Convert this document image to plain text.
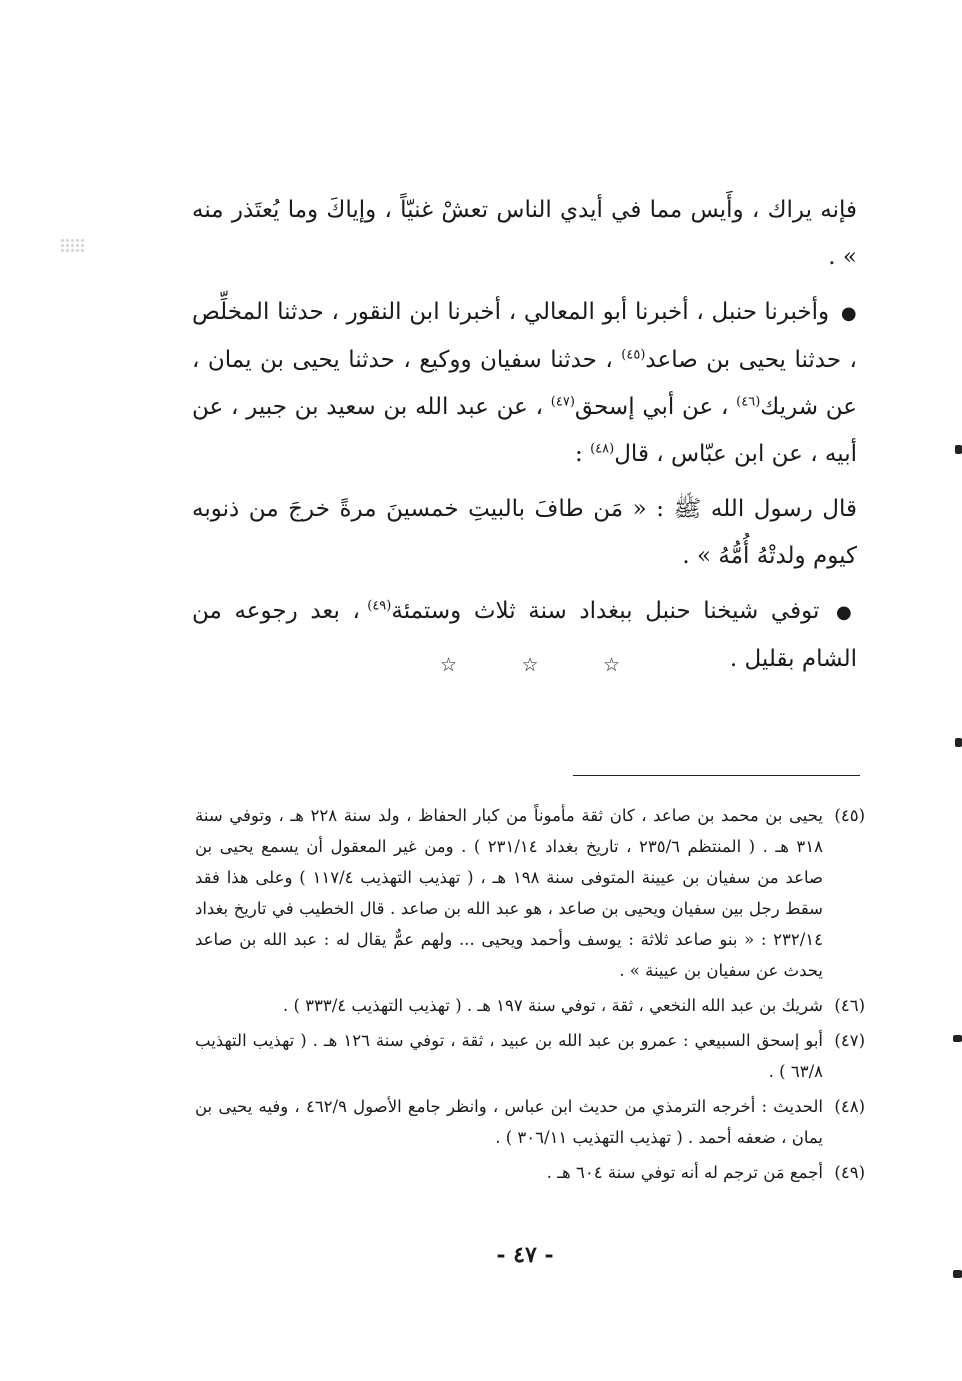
فإنه يراك ، وأَيس مما في أيدي الناس تعشْ غنيّاً ، وإياكَ وما يُعتَذر منه » .

● وأخبرنا حنبل ، أخبرنا أبو المعالي ، أخبرنا ابن النقور ، حدثنا المخلِّص ، حدثنا يحيى بن صاعد$^{(٤٥)}$ ، حدثنا سفيان ووكيع ، حدثنا يحيى بن يمان ، عن شريك$^{(٤٦)}$ ، عن أبي إسحق$^{(٤٧)}$ ، عن عبد الله بن سعيد بن جبير ، عن أبيه ، عن ابن عبّاس ، قال$^{(٤٨)}$ :

قال رسول الله ﷺ : « مَن طافَ بالبيتِ خمسينَ مرةً خرجَ من ذنوبه كيوم ولدتْهُ أُمُّهُ » .

● توفي شيخنا حنبل ببغداد سنة ثلاث وستمئة$^{(٤٩)}$ ، بعد رجوعه من الشام بقليل .

☆	☆	☆
(٤٥)
يحيى بن محمد بن صاعد ، كان ثقة مأموناً من كبار الحفاظ ، ولد سنة ٢٢٨ هـ ، وتوفي سنة ٣١٨ هـ . ( المنتظم ٢٣٥/٦ ، تاريخ بغداد ٢٣١/١٤ ) . ومن غير المعقول أن يسمع يحيى بن صاعد من سفيان بن عيينة المتوفى سنة ١٩٨ هـ ، ( تهذيب التهذيب ١١٧/٤ ) وعلى هذا فقد سقط رجل بين سفيان ويحيى بن صاعد ، هو عبد الله بن صاعد . قال الخطيب في تاريخ بغداد ٢٣٢/١٤ : « بنو صاعد ثلاثة : يوسف وأحمد ويحيى ... ولهم عمٌّ يقال له : عبد الله بن صاعد يحدث عن سفيان بن عيينة » .
(٤٦)
شريك بن عبد الله النخعي ، ثقة ، توفي سنة ١٩٧ هـ . ( تهذيب التهذيب ٣٣٣/٤ ) .
(٤٧)
أبو إسحق السبيعي : عمرو بن عبد الله بن عبيد ، ثقة ، توفي سنة ١٢٦ هـ . ( تهذيب التهذيب ٦٣/٨ ) .
(٤٨)
الحديث : أخرجه الترمذي من حديث ابن عباس ، وانظر جامع الأصول ٤٦٢/٩ ، وفيه يحيى بن يمان ، ضعفه أحمد . ( تهذيب التهذيب ٣٠٦/١١ ) .
(٤٩)
أجمع مَن ترجم له أنه توفي سنة ٦٠٤ هـ .
- ٤٧ -
